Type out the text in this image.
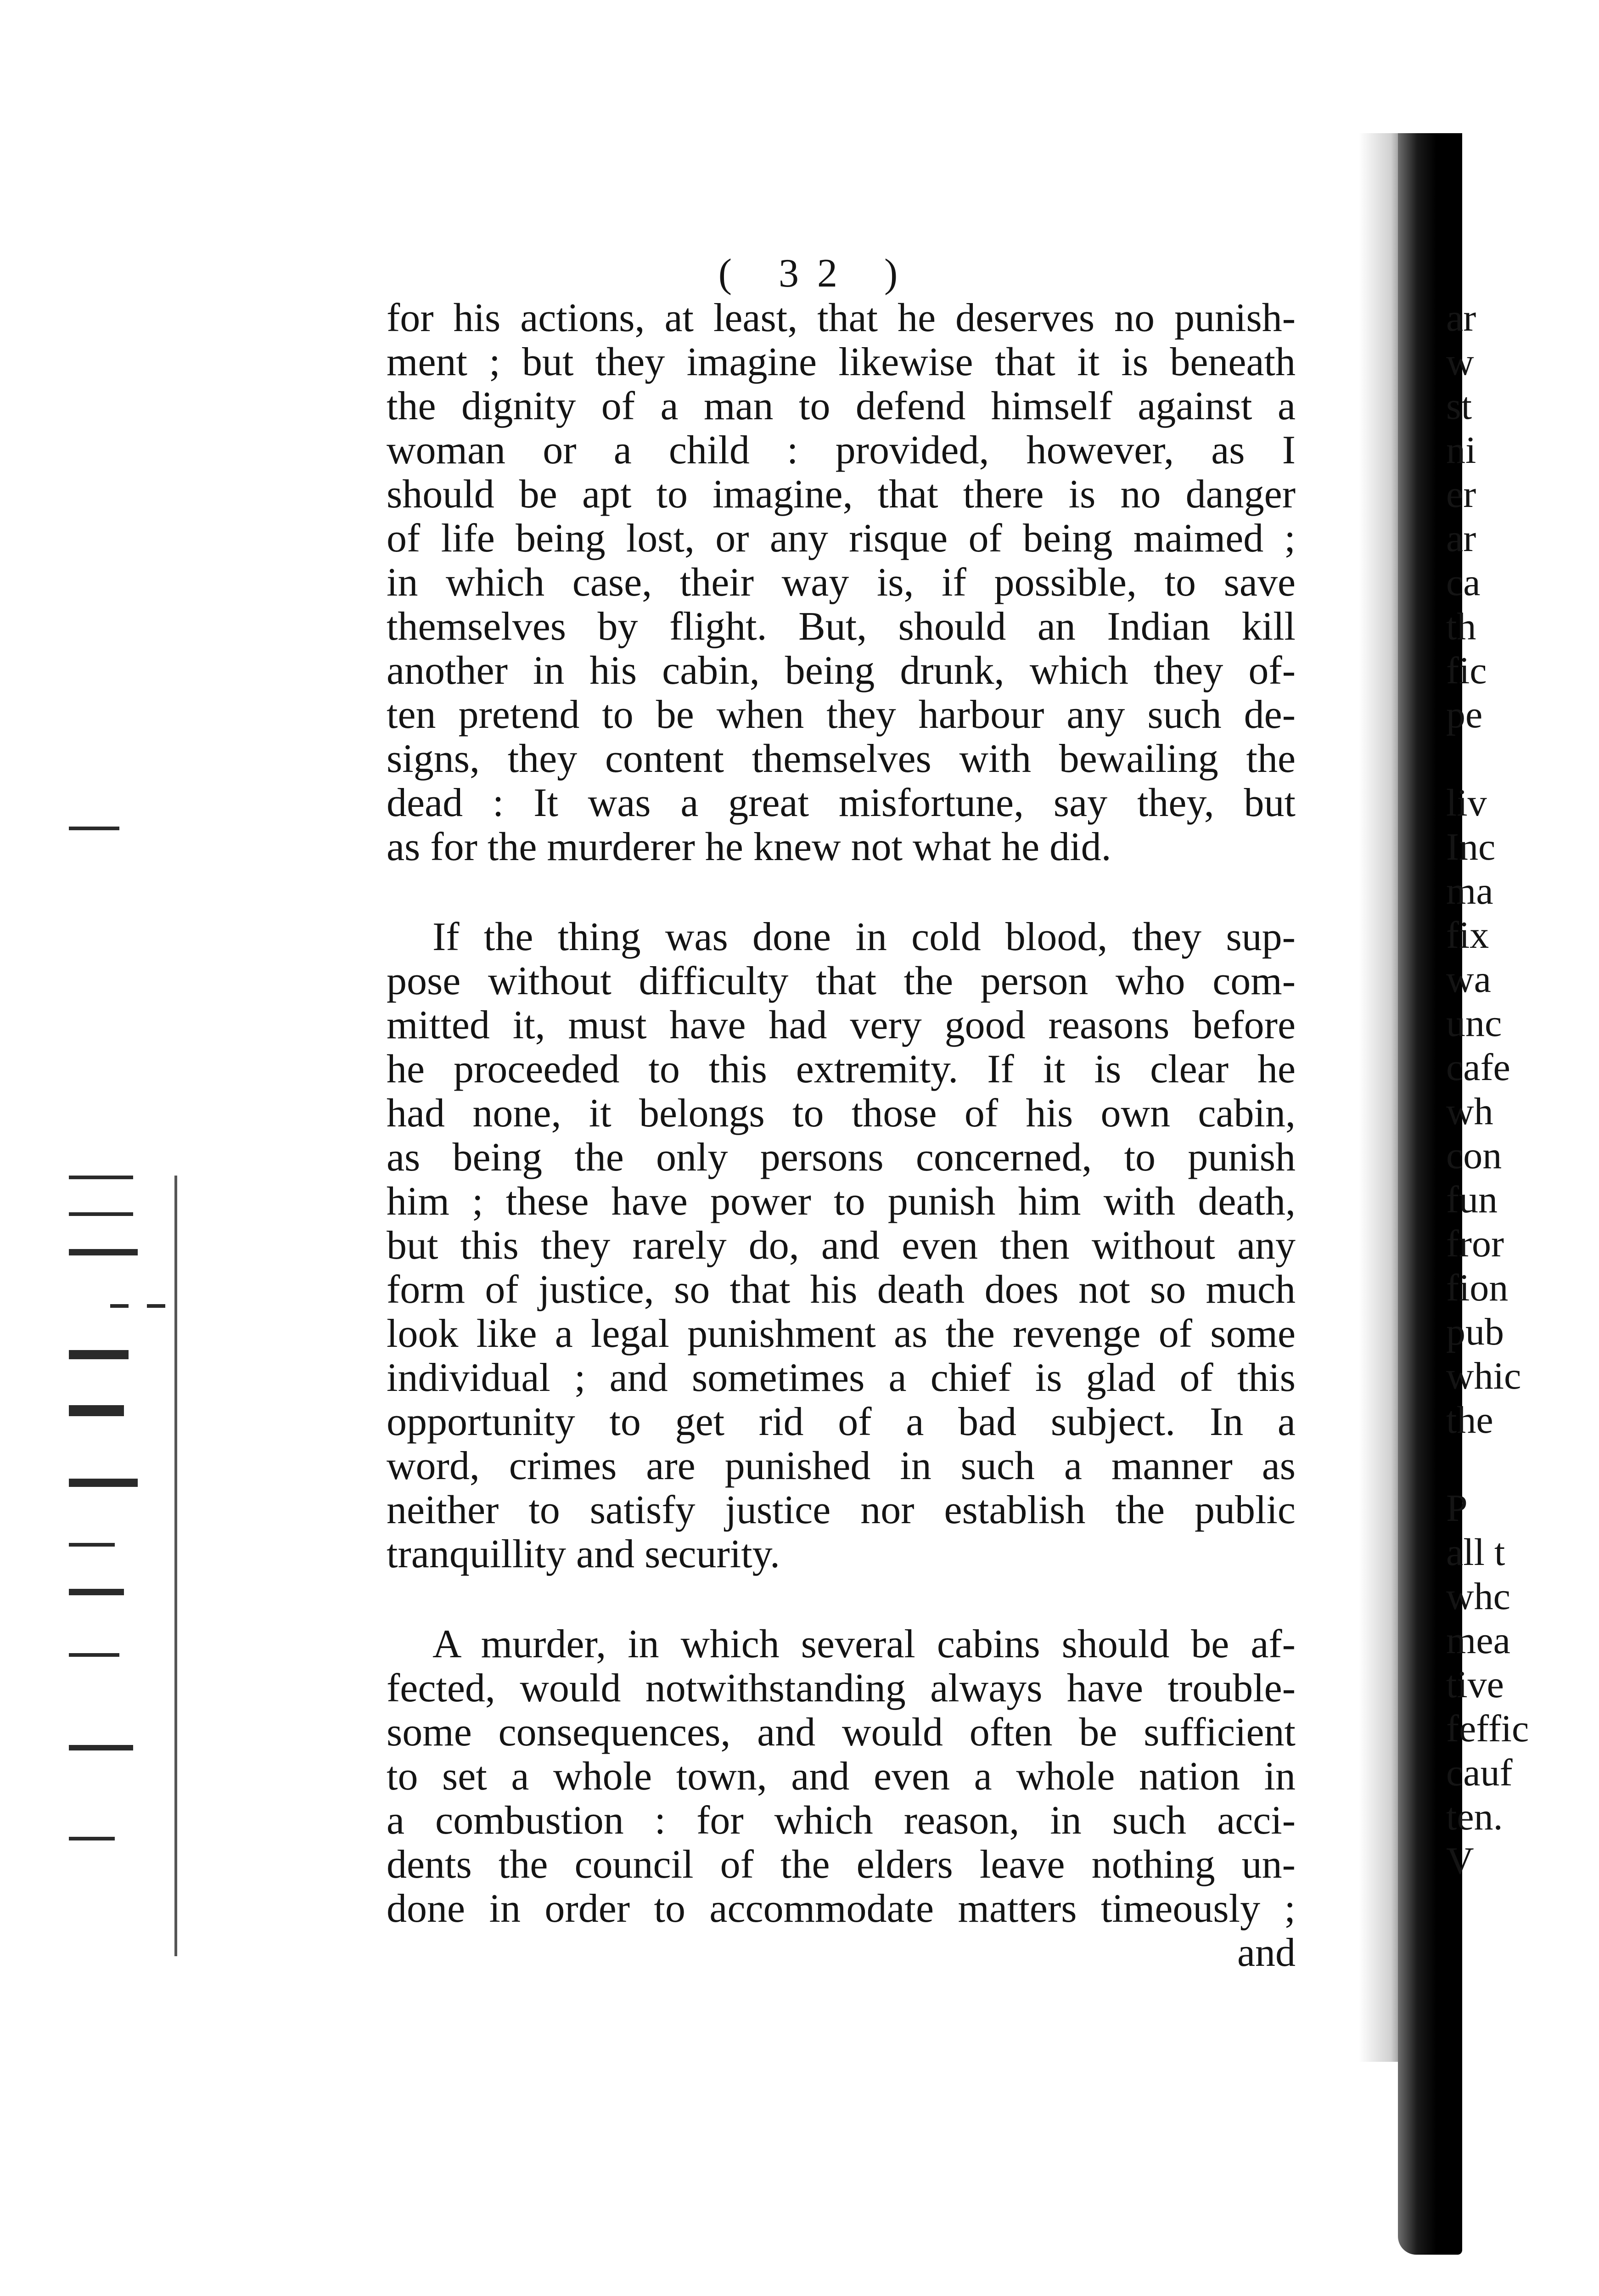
( 32 )
for his actions, at least, that he deserves no punish-
ment ; but they imagine likewise that it is beneath
the dignity of a man to defend himself against a
woman or a child : provided, however, as I
should be apt to imagine, that there is no danger
of life being lost, or any risque of being maimed ;
in which case, their way is, if possible, to save
themselves by flight. But, should an Indian kill
another in his cabin, being drunk, which they of-
ten pretend to be when they harbour any such de-
signs, they content themselves with bewailing the
dead : It was a great misfortune, say they, but
as for the murderer he knew not what he did.
If the thing was done in cold blood, they sup-
pose without difficulty that the person who com-
mitted it, must have had very good reasons before
he proceeded to this extremity. If it is clear he
had none, it belongs to those of his own cabin,
as being the only persons concerned, to punish
him ; these have power to punish him with death,
but this they rarely do, and even then without any
form of justice, so that his death does not so much
look like a legal punishment as the revenge of some
individual ; and sometimes a chief is glad of this
opportunity to get rid of a bad subject. In a
word, crimes are punished in such a manner as
neither to satisfy justice nor establish the public
tranquillity and security.
A murder, in which several cabins should be af-
fected, would notwithstanding always have trouble-
some consequences, and would often be sufficient
to set a whole town, and even a whole nation in
a combustion : for which reason, in such acci-
dents the council of the elders leave nothing un-
done in order to accommodate matters timeously ;
and
ar
w
st
ni
er
ar
ca
th
fic
pe
liv
Inc
ma
fix
wa
unc
cafe
wh
con
fun
fror
fion
pub
whic
the
P
all t
whc
mea
tive
feffic
cauf
ten.
V
